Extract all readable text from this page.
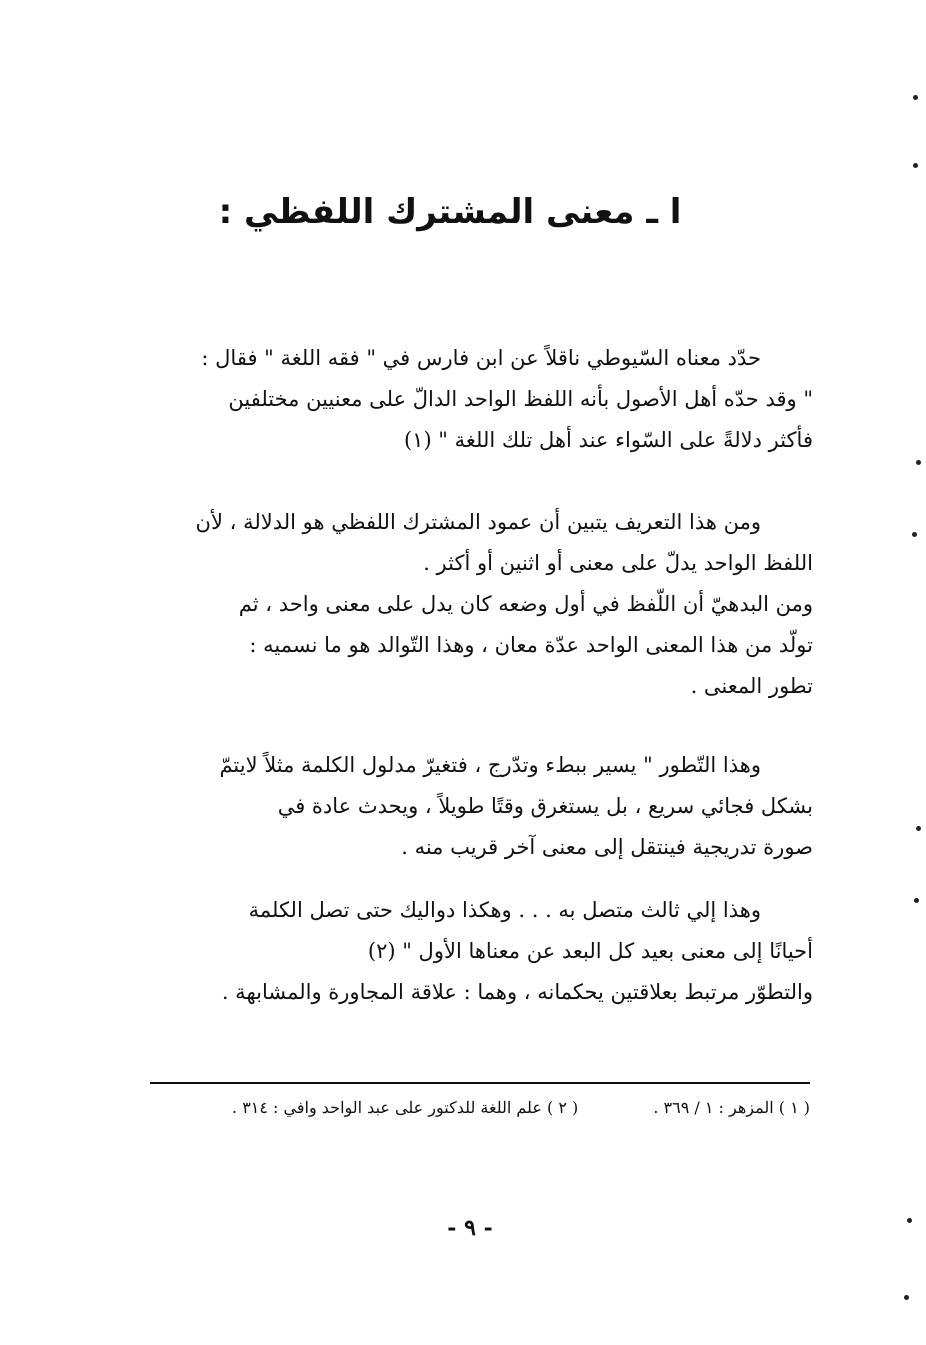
ا ـ معنى المشترك اللفظي :
حدّد معناه السّيوطي ناقلاً عن ابن فارس في " فقه اللغة " فقال :
" وقد حدّه أهل الأصول بأنه اللفظ الواحد الدالّ على معنيين مختلفين
فأكثر دلالةً على السّواء عند أهل تلك اللغة " (١)
ومن هذا التعريف يتبين أن عمود المشترك اللفظي هو الدلالة ، لأن
اللفظ الواحد يدلّ على معنى أو اثنين أو أكثر .
ومن البدهيّ أن اللّفظ في أول وضعه كان يدل على معنى واحد ، ثم
تولّد من هذا المعنى الواحد عدّة معان ، وهذا التّوالد هو ما نسميه :
تطور المعنى .
وهذا التّطور " يسير ببطء وتدّرج ، فتغيرّ مدلول الكلمة مثلاً لايتمّ
بشكل فجائي سريع ، بل يستغرق وقتًا طويلاً ، ويحدث عادة في
صورة تدريجية فينتقل إلى معنى آخر قريب منه .
وهذا إلي ثالث متصل به . . . وهكذا دواليك حتى تصل الكلمة
أحيانًا إلى معنى بعيد كل البعد عن معناها الأول " (٢)
والتطوّر مرتبط بعلاقتين يحكمانه ، وهما : علاقة المجاورة والمشابهة .
( ١ ) المزهر : ١ / ٣٦٩ . ( ٢ ) علم اللغة للدكتور على عبد الواحد وافي : ٣١٤ .
- ٩ -
